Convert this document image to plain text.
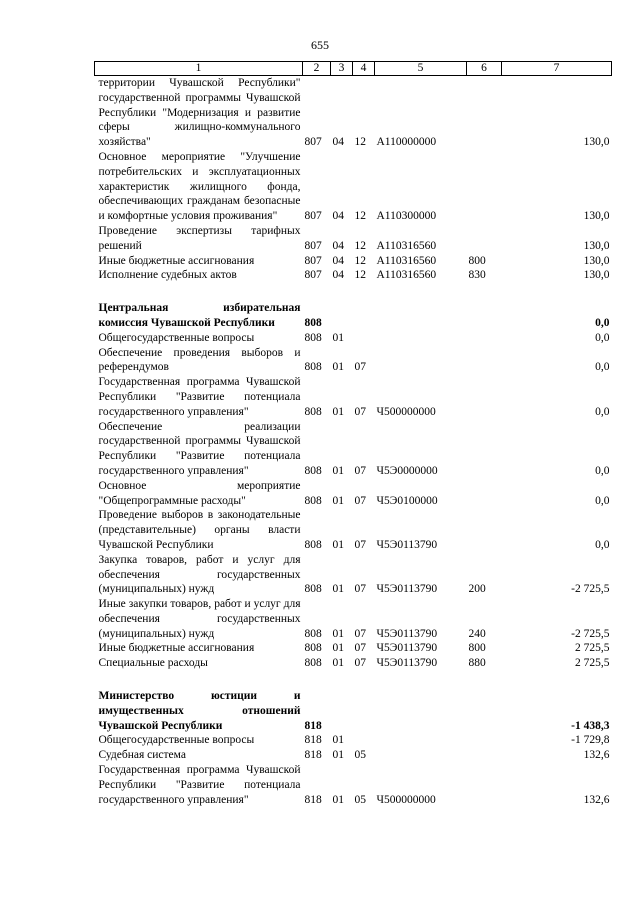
655
1	2	3	4	5	6	7
территории Чувашской Республики" государственной программы Чувашской Республики "Модернизация и развитие сферы жилищно-коммунального хозяйства"	807	04	12	А110000000		130,0
Основное мероприятие "Улучшение потребительских и эксплуатационных характеристик жилищного фонда, обеспечивающих гражданам безопасные и комфортные условия проживания"	807	04	12	А110300000		130,0
Проведение экспертизы тарифных решений	807	04	12	А110316560		130,0
Иные бюджетные ассигнования	807	04	12	А110316560	800	130,0
Исполнение судебных актов	807	04	12	А110316560	830	130,0

Центральная избирательная комиссия Чувашской Республики	808					0,0
Общегосударственные вопросы	808	01				0,0
Обеспечение проведения выборов и референдумов	808	01	07			0,0
Государственная программа Чувашской Республики "Развитие потенциала государственного управления"	808	01	07	Ч500000000		0,0
Обеспечение реализации государственной программы Чувашской Республики "Развитие потенциала государственного управления"	808	01	07	Ч5Э0000000		0,0
Основное мероприятие "Общепрограммные расходы"	808	01	07	Ч5Э0100000		0,0
Проведение выборов в законодательные (представительные) органы власти Чувашской Республики	808	01	07	Ч5Э0113790		0,0
Закупка товаров, работ и услуг для обеспечения государственных (муниципальных) нужд	808	01	07	Ч5Э0113790	200	-2 725,5
Иные закупки товаров, работ и услуг для обеспечения государственных (муниципальных) нужд	808	01	07	Ч5Э0113790	240	-2 725,5
Иные бюджетные ассигнования	808	01	07	Ч5Э0113790	800	2 725,5
Специальные расходы	808	01	07	Ч5Э0113790	880	2 725,5

Министерство юстиции и имущественных отношений Чувашской Республики	818					-1 438,3
Общегосударственные вопросы	818	01				-1 729,8
Судебная система	818	01	05			132,6
Государственная программа Чувашской Республики "Развитие потенциала государственного управления"	818	01	05	Ч500000000		132,6
